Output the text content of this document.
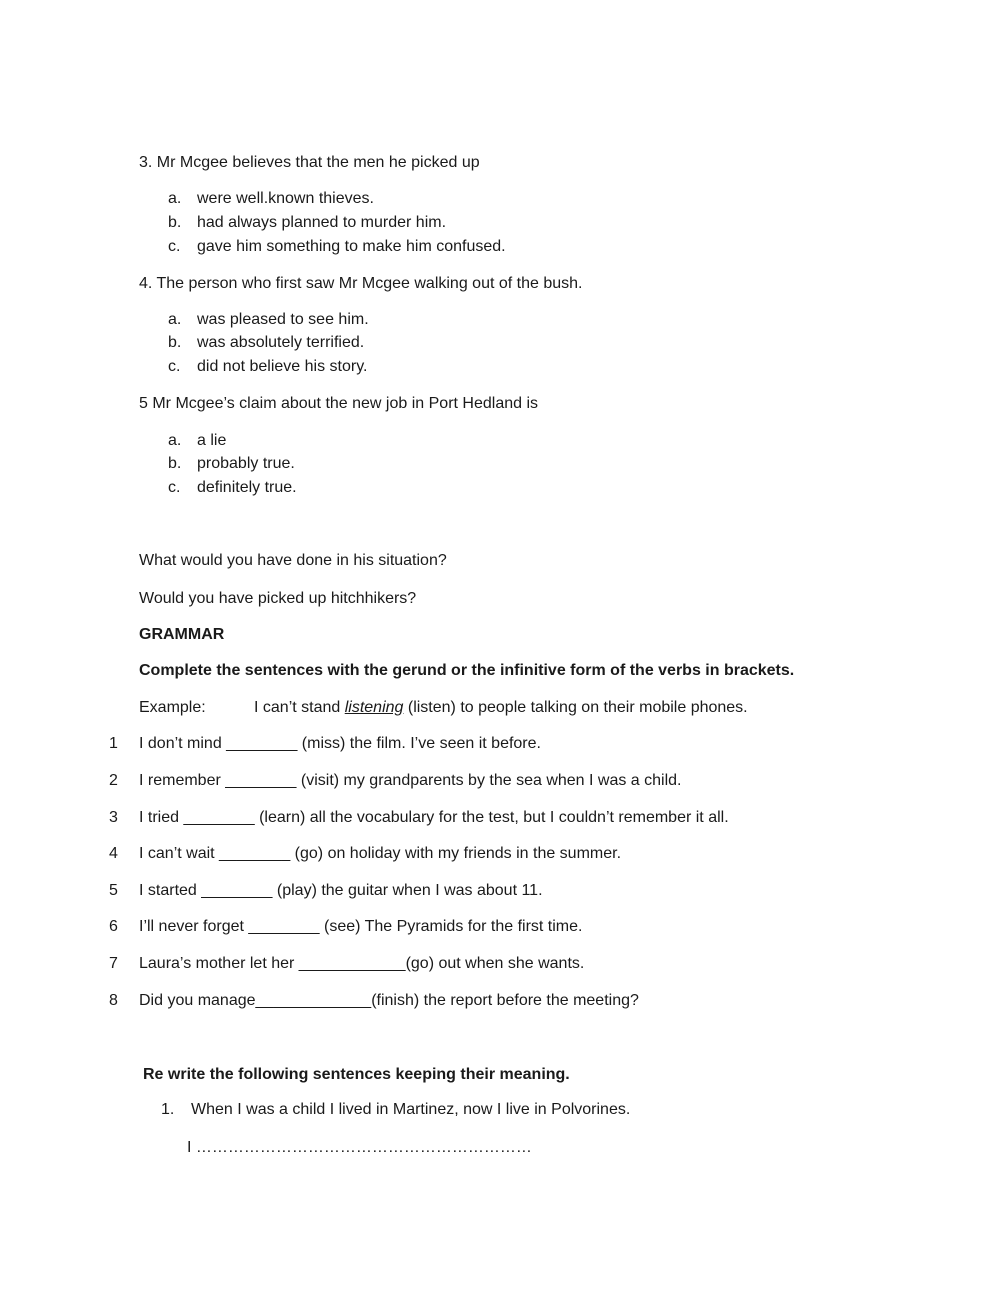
3. Mr Mcgee believes that the men he picked up
a. were well.known thieves.
b. had always planned to murder him.
c. gave him something to make him confused.
4. The person who first saw Mr Mcgee walking out of the bush.
a. was pleased to see him.
b. was absolutely terrified.
c. did not believe his story.
5 Mr Mcgee’s claim about the new job in Port Hedland is
a. a lie
b. probably true.
c. definitely true.
What would you have done in his situation?
Would you have picked up hitchhikers?
GRAMMAR
Complete the sentences with the gerund or the infinitive form of the verbs in brackets.
Example:	I can’t stand listening (listen) to people talking on their mobile phones.
1 I don’t mind ________ (miss) the film. I’ve seen it before.
2 I remember ________ (visit) my grandparents by the sea when I was a child.
3 I tried ________ (learn) all the vocabulary for the test, but I couldn’t remember it all.
4 I can’t wait ________ (go) on holiday with my friends in the summer.
5 I started ________ (play) the guitar when I was about 11.
6 I’ll never forget ________ (see) The Pyramids for the first time.
7 Laura’s mother let her ____________(go) out when she wants.
8 Did you manage_____________(finish) the report before the meeting?
Re write the following sentences keeping their meaning.
1. When I was a child I lived in Martinez, now I live in Polvorines.
I ………………………………………………………
